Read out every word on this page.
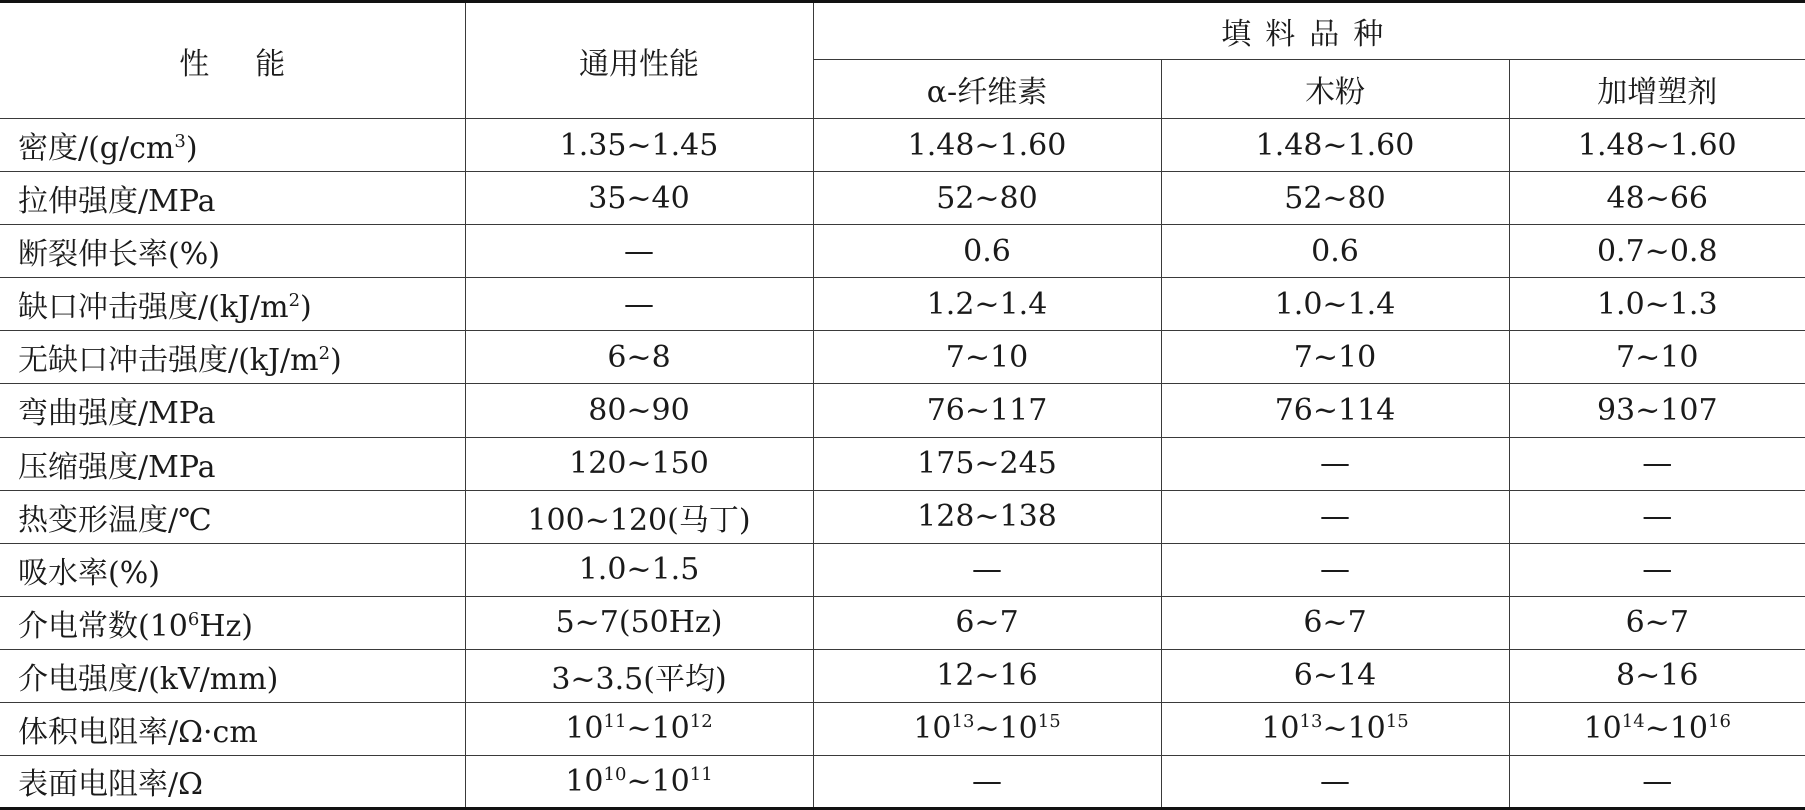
性能	通用性能	填料品种		
		α-纤维素	木粉	加增塑剂
密度$/(g/cm^3)$	1.35~1.45	1.48~1.60	1.48~1.60	1.48~1.60
拉伸强度/MPa	35~40	52~80	52~80	48~66
断裂伸长率(%)	—	0.6	0.6	0.7~0.8
缺口冲击强度$/(kJ/m^2)$	—	1.2~1.4	1.0~1.4	1.0~1.3
无缺口冲击强度$/(kJ/m^2)$	6~8	7~10	7~10	7~10
弯曲强度/MPa	80~90	76~117	76~114	93~107
压缩强度/MPa	120~150	175~245	—	—
热变形温度/℃	100~120(马丁)	128~138	—	—
吸水率(%)	1.0~1.5	—	—	—
介电常数$(10^6Hz)$	5~7(50Hz)	6~7	6~7	6~7
介电强度/(kV/mm)	3~3.5(平均)	12~16	6~14	8~16
体积电阻率/Ω·cm	$10^{11}\sim 10^{12}$	$10^{13}\sim 10^{15}$	$10^{13}\sim 10^{15}$	$10^{14}\sim 10^{16}$
表面电阻率/Ω	$10^{10}\sim 10^{11}$	—	—	—
